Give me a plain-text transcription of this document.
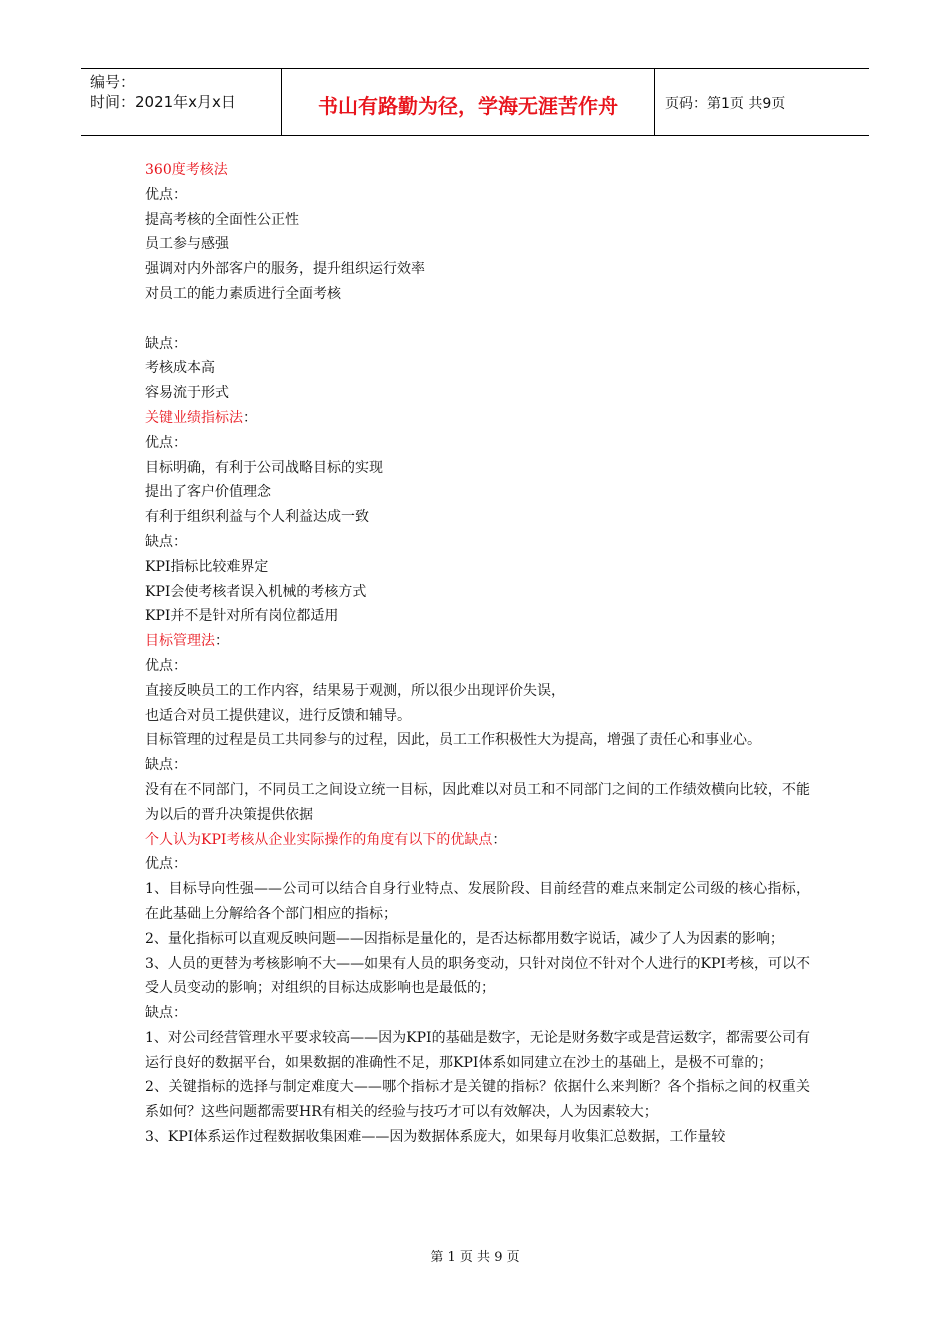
编号：
时间：2021年x月x日	书山有路勤为径，学海无涯苦作舟	页码：第1页 共9页

360度考核法

优点：

提高考核的全面性公正性

员工参与感强

强调对内外部客户的服务，提升组织运行效率

对员工的能力素质进行全面考核

缺点：

考核成本高

容易流于形式

关键业绩指标法：

优点：

目标明确，有利于公司战略目标的实现

提出了客户价值理念

有利于组织利益与个人利益达成一致

缺点：

KPI指标比较难界定

KPI会使考核者误入机械的考核方式

KPI并不是针对所有岗位都适用

目标管理法：

优点：

直接反映员工的工作内容，结果易于观测，所以很少出现评价失误，

也适合对员工提供建议，进行反馈和辅导。

目标管理的过程是员工共同参与的过程，因此，员工工作积极性大为提高，增强了责任心和事业心。

缺点：

没有在不同部门，不同员工之间设立统一目标，因此难以对员工和不同部门之间的工作绩效横向比较，不能为以后的晋升决策提供依据

个人认为KPI考核从企业实际操作的角度有以下的优缺点：

优点：

1、目标导向性强——公司可以结合自身行业特点、发展阶段、目前经营的难点来制定公司级的核心指标，在此基础上分解给各个部门相应的指标；

2、量化指标可以直观反映问题——因指标是量化的，是否达标都用数字说话，减少了人为因素的影响；

3、人员的更替为考核影响不大——如果有人员的职务变动，只针对岗位不针对个人进行的KPI考核，可以不受人员变动的影响；对组织的目标达成影响也是最低的；

缺点：

1、对公司经营管理水平要求较高——因为KPI的基础是数字，无论是财务数字或是营运数字，都需要公司有运行良好的数据平台，如果数据的准确性不足，那KPI体系如同建立在沙土的基础上，是极不可靠的；

2、关键指标的选择与制定难度大——哪个指标才是关键的指标？依据什么来判断？各个指标之间的权重关系如何？这些问题都需要HR有相关的经验与技巧才可以有效解决，人为因素较大；

3、KPI体系运作过程数据收集困难——因为数据体系庞大，如果每月收集汇总数据，工作量较

第 1 页 共 9 页
